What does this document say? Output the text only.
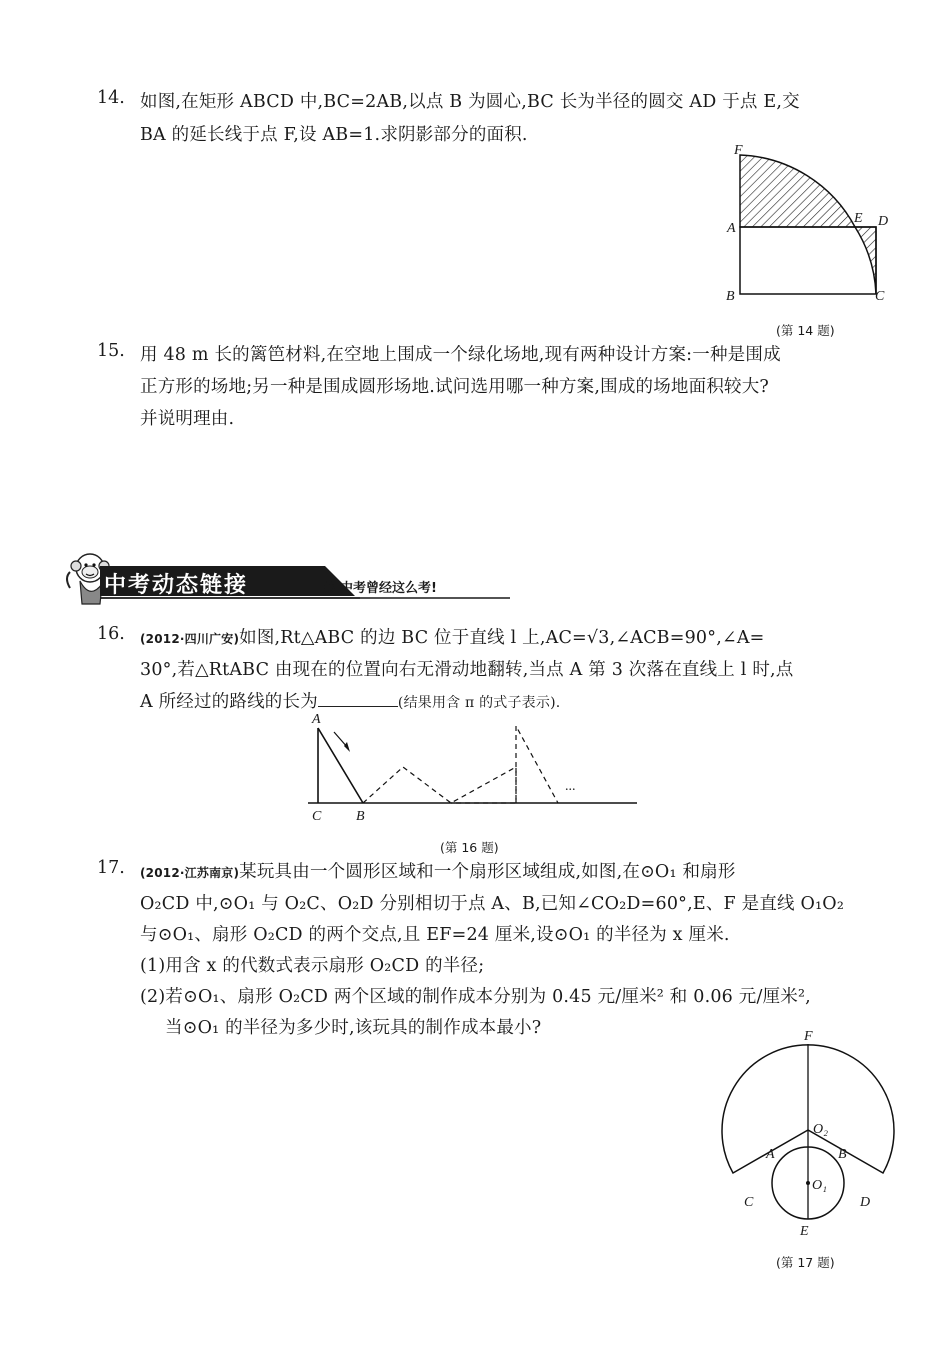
14. 如图,在矩形 ABCD 中,BC=2AB,以点 B 为圆心,BC 长为半径的圆交 AD 于点 E,交
BA 的延长线于点 F,设 AB=1.求阴影部分的面积.
F
A
E D
B	C
(第 14 题)
15. 用 48 m 长的篱笆材料,在空地上围成一个绿化场地,现有两种设计方案:一种是围成
正方形的场地;另一种是围成圆形场地.试问选用哪一种方案,围成的场地面积较大?
并说明理由.
中考动态链接	瞧,中考曾经这么考!
16. (2012·四川广安)如图,Rt△ABC 的边 BC 位于直线 l 上,AC=√3,∠ACB=90°,∠A=
30°,若△RtABC 由现在的位置向右无滑动地翻转,当点 A 第 3 次落在直线上 l 时,点
A 所经过的路线的长为	(结果用含 π 的式子表示).
A
C B
...
(第 16 题)
17. (2012·江苏南京)某玩具由一个圆形区域和一个扇形区域组成,如图,在⊙O₁ 和扇形
O₂CD 中,⊙O₁ 与 O₂C、O₂D 分别相切于点 A、B,已知∠CO₂D=60°,E、F 是直线 O₁O₂
与⊙O₁、扇形 O₂CD 的两个交点,且 EF=24 厘米,设⊙O₁ 的半径为 x 厘米.
(1)用含 x 的代数式表示扇形 O₂CD 的半径;
(2)若⊙O₁、扇形 O₂CD 两个区域的制作成本分别为 0.45 元/厘米² 和 0.06 元/厘米²,
当⊙O₁ 的半径为多少时,该玩具的制作成本最小?	F
O₂
A	B
O₁
C	D
E
(第 17 题)
